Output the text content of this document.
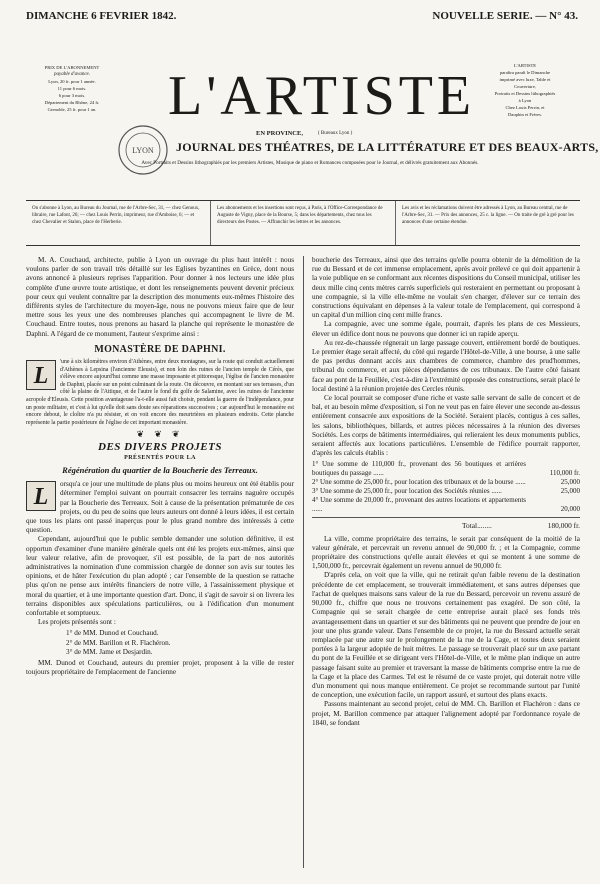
DIMANCHE 6 FEVRIER 1842.	NOUVELLE SERIE. — N° 43.
PRIX DE L'ABONNEMENT
payable d'avance.
Lyon, 20 fr. pour 1 année.
11 pour 6 mois.
6 pour 3 mois.
Département du Rhône, 24 fr.
Grenoble, 25 fr. pour 1 an.	L'ARTISTE	L'ARTISTE
paraîtra paraît le Dimanche
imprimé avec luxe, Table et
Couverture,
Portraits et Dessins lithographiés
à Lyon
Chez Louis Perrin, et
Dauphin et Frères.
EN PROVINCE,	( Bureaux Lyon )
LYON JOURNAL DES THÉATRES, DE LA LITTÉRATURE ET DES BEAUX-ARTS,
Avec Portraits et Dessins lithographiés par les premiers Artistes, Musique de piano et Romances composées pour le Journal, et délivrés gratuitement aux Abonnés.
On s'abonne à Lyon, au Bureau du Journal, rue de l'Arbre-Sec, 31, — chez Genoux, libraire, rue Lafont, 26; — chez Louis Perrin, imprimeur, rue d'Amboise, 6; — et chez Chevalier et Stalon, place de l'Herberie.
Les abonnements et les insertions sont reçus, à Paris, à l'Office-Correspondance de Auguste de Vigny, place de la Bourse, 5; dans les départements, chez tous les directeurs des Postes. — Affranchir les lettres et les annonces.
Les avis et les réclamations doivent être adressés à Lyon, au Bureau central, rue de l'Arbre-Sec, 31. — Prix des annonces, 25 c. la ligne. — On traite de gré à gré pour les annonces d'une certaine étendue.

M. A. Couchaud, architecte, publie à Lyon un ouvrage du plus haut intérêt : nous voulons parler de son travail très détaillé sur les Eglises byzantines en Grèce, dont nous avons annoncé à plusieurs reprises l'apparition. Pour donner à nos lecteurs une idée plus complète d'une œuvre toute artistique, et dont les renseignements peuvent devenir précieux pour ceux qui veulent connaître par la description des monuments eux-mêmes l'histoire des différents styles de l'architecture du moyen-âge, nous ne pouvons mieux faire que de leur mettre sous les yeux une des nombreuses planches qui accompagnent le livre de M. Couchaud. Entre toutes, nous prenons au hasard la planche qui représente le monastère de Daphni. A l'égard de ce monument, l'auteur s'exprime ainsi :

MONASTÈRE DE DAPHNI.
L

'une à six kilomètres environ d'Athènes, entre deux montagnes, sur la route qui conduit actuellement d'Athènes à Lepsina (l'ancienne Eleusis), et non loin des ruines de l'ancien temple de Cérès, que s'élève encore aujourd'hui comme une masse imposante et pittoresque, l'église de l'ancien monastère de Daphni, placée sur un point culminant de la route. On découvre, en montant sur ses terrasses, d'un côté la plaine de l'Attique, et de l'autre le fond du golfe de Salamine, avec les ruines de l'ancienne acropole d'Eleusis. Cette position avantageuse l'a-t-elle aussi fait choisir, pendant la guerre de l'indépendance, pour un poste militaire, et c'est à lui qu'elle doit sans doute ses réparations successives ; car aujourd'hui le monastère est encore debout, le cloître n'a pu résister, et on voit encore des meurtrières en plusieurs endroits. Cette planche représente la partie postérieure de l'église de cet important monastère.

❦ ❦ ❦
DES DIVERS PROJETS
PRÉSENTÉS POUR LA
Régénération du quartier de la Boucherie des Terreaux.
L	orsqu'a ce jour une multitude de plans plus ou moins heureux ont été établis pour déterminer l'emploi suivant on pourrait consacrer les terrains naguère occupés par la Boucherie des Terreaux. Soit à cause de la présentation prématurée de ces projets, ou du peu de soins que leurs auteurs ont donné à leurs idées, il est certain que tous les plans ont passé inaperçus pour le plus grand nombre des intéressés à cette question.

Cependant, aujourd'hui que le public semble demander une solution définitive, il est opportun d'examiner d'une manière générale quels ont été les projets eux-mêmes, ainsi que leur valeur relative, afin de provoquer, s'il est possible, de la part de nos autorités administratives la nomination d'une commission chargée de donner son avis sur toutes les opinions, et de hâter l'exécution du plan adopté ; car l'ensemble de la question se rattache plus qu'on ne pense aux intérêts financiers de notre ville, à l'assainissement physique et moral du quartier, et à une importante question d'art. Donc, il s'agit de savoir si on livrera les terrains disponibles aux spéculations particulières, ou à l'édification d'un monument confortable et somptueux.

Les projets présentés sont :

1° de MM. Dunod et Couchaud.
2° de MM. Barillon et R. Flachéron.
3° de MM. Jame et Desjardin.

MM. Dunod et Couchaud, auteurs du premier projet, proposent à la ville de rester toujours propriétaire de l'emplacement de l'ancienne

boucherie des Terreaux, ainsi que des terrains qu'elle pourra obtenir de la démolition de la rue du Bessard et de cet immense emplacement, après avoir prélevé ce qui doit appartenir à la voie publique en se conformant aux récentes dispositions du Conseil municipal, utiliser les deux mille cinq cents mètres carrés superficiels qui resteraient en permettant ou proposant à une compagnie, si la ville elle-même ne voulait s'en charger, d'élever sur ce terrain des constructions équivalant en dépenses à la valeur totale de l'emplacement, qui correspond à un capital d'un million cinq cent mille francs.

La compagnie, avec une somme égale, pourrait, d'après les plans de ces Messieurs, élever un édifice dont nous ne pouvons que donner ici un rapide aperçu.

Au rez-de-chaussée régnerait un large passage couvert, entièrement bordé de boutiques. Le premier étage serait affecté, du côté qui regarde l'Hôtel-de-Ville, à une bourse, à une salle de pas perdus donnant accès aux chambres de commerce, chambre des prud'hommes, tribunal du commerce, et aux pièces dépendantes de ces tribunaux. De l'autre côté faisant face au pont de la Feuillée, c'est-à-dire à l'extrémité opposée des constructions, serait placé le local destiné à la réunion projetée des Cercles réunis.

Ce local pourrait se composer d'une riche et vaste salle servant de salle de concert et de bal, et au besoin même d'exposition, si l'on ne veut pas en faire élever une seconde au-dessus entièrement consacrée aux expositions de la Société. Seraient placés, contigus à ces salles, les salons, bibliothèques, billards, et autres pièces nécessaires à la réunion des diverses Sociétés. Les corps de bâtiments intermédiaires, qui relieraient les deux monuments publics, seraient affectés aux locations particulières. L'ensemble de l'édifice pourrait rapporter, d'après les calculs établis :

1° Une somme de 110,000 fr., provenant des 56 boutiques et arrières boutiques du passage ......	110,000 fr.
2° Une somme de 25,000 fr., pour location des tribunaux et de la bourse ......	25,000
3° Une somme de 25,000 fr., pour location des Sociétés réunies ......	25,000
4° Une somme de 20,000 fr., provenant des autres locations et appartements ......	20,000
Total........	180,000 fr.

La ville, comme propriétaire des terrains, le serait par conséquent de la moitié de la valeur générale, et percevrait un revenu annuel de 90,000 fr. ; et la Compagnie, comme propriétaire des constructions qu'elle aurait élevées et qui se montent à une somme de 1,500,000 fr., percevrait également un revenu annuel de 90,000 fr.

D'après cela, on voit que la ville, qui ne retirait qu'un faible revenu de la destination précédente de cet emplacement, se trouverait immédiatement, et sans autres dépenses que l'achat de quelques maisons sans valeur de la rue du Bessard, percevoir un revenu assuré de 90,000 fr., chiffre que nous ne trouvons certainement pas exagéré. De son côté, la Compagnie qui se serait chargée de cette entreprise aurait placé ses fonds très avantageusement dans un quartier et sur des bâtiments qui ne peuvent que prendre de jour en jour une plus grande valeur. Dans l'ensemble de ce projet, la rue du Bessard actuelle serait remplacée par une autre sur le prolongement de la rue de la Cage, et toutes deux seraient portées à la largeur adoptée de huit mètres. Le passage se trouverait placé sur un axe partant du pont de la Feuillée et se dirigeant vers l'Hôtel-de-Ville, et le même plan indique un autre passage faisant suite au premier et traversant la masse de bâtiments comprise entre la rue de la Cage et la place des Carmes. Tel est le résumé de ce vaste projet, qui doterait notre ville d'un monument qui nous manque entièrement. Ce projet se recommande surtout par l'unité de conception, une exécution facile, un rapport assuré, et surtout des plans exacts.

Passons maintenant au second projet, celui de MM. Ch. Barillon et Flachéron : dans ce projet, M. Barillon commence par attaquer l'alignement adopté par l'ordonnance royale de 1840, se fondant
